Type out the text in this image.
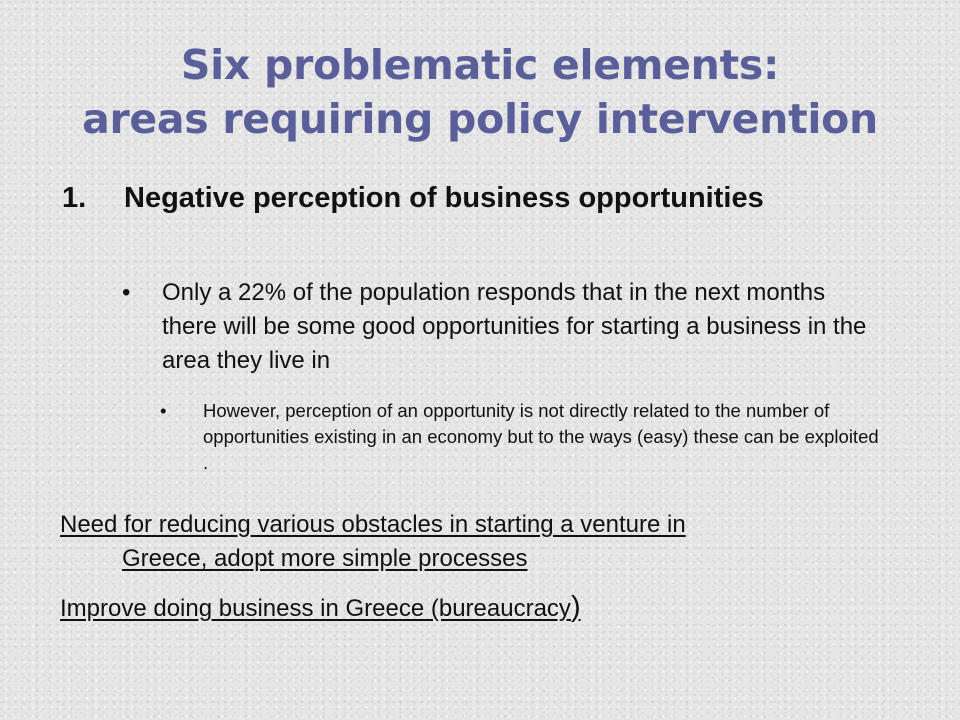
Six problematic elements:
areas requiring policy intervention
1. Negative perception of business opportunities
• Only a 22% of the population responds that in the next months there will be some good opportunities for starting a business in the area they live in
• However, perception of an opportunity is not directly related to the number of opportunities existing in an economy but to the ways (easy) these can be exploited .
Need for reducing various obstacles in starting a venture in
Greece, adopt more simple processes
Improve doing business in Greece (bureaucracy)
